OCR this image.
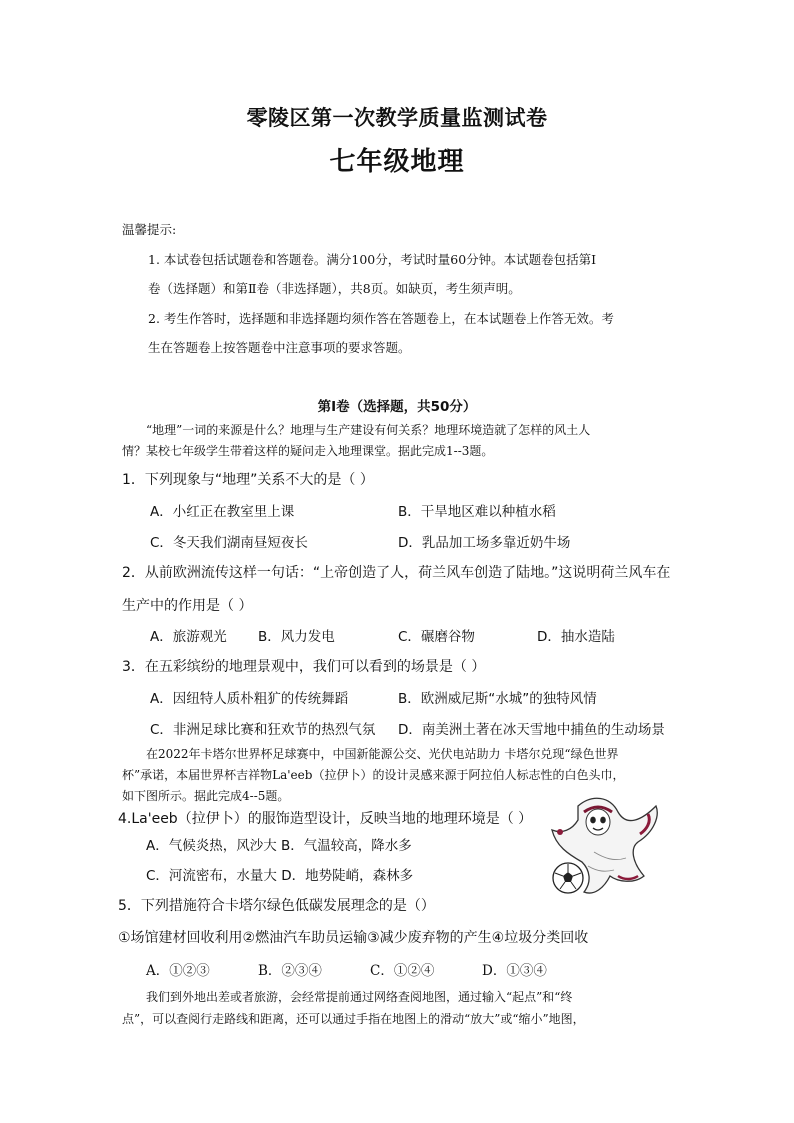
零陵区第一次教学质量监测试卷
七年级地理
温馨提示:
1. 本试卷包括试题卷和答题卷。满分100分，考试时量60分钟。本试题卷包括第Ⅰ
卷（选择题）和第Ⅱ卷（非选择题），共8页。如缺页，考生须声明。
2. 考生作答时，选择题和非选择题均须作答在答题卷上，在本试题卷上作答无效。考
生在答题卷上按答题卷中注意事项的要求答题。
第Ⅰ卷（选择题，共50分）
“地理”一词的来源是什么？地理与生产建设有何关系？地理环境造就了怎样的风土人
情？某校七年级学生带着这样的疑问走入地理课堂。据此完成1--3题。
1．下列现象与“地理”关系不大的是（ ）
A．小红正在教室里上课	B．干旱地区难以种植水稻
C．冬天我们湖南昼短夜长	D．乳品加工场多靠近奶牛场
2．从前欧洲流传这样一句话：“上帝创造了人，荷兰风车创造了陆地。”这说明荷兰风车在
生产中的作用是（ ）
A．旅游观光 B．风力发电	C．碾磨谷物	D．抽水造陆
3．在五彩缤纷的地理景观中，我们可以看到的场景是（ ）
A．因纽特人质朴粗犷的传统舞蹈	B．欧洲威尼斯“水城”的独特风情
C．非洲足球比赛和狂欢节的热烈气氛 D．南美洲土著在冰天雪地中捕鱼的生动场景
在2022年卡塔尔世界杯足球赛中，中国新能源公交、光伏电站助力 卡塔尔兑现“绿色世界
杯”承诺，本届世界杯吉祥物La'eeb（拉伊卜）的设计灵感来源于阿拉伯人标志性的白色头巾，
如下图所示。据此完成4--5题。
4.La'eeb（拉伊卜）的服饰造型设计，反映当地的地理环境是（ ）
A．气候炎热，风沙大 B．气温较高，降水多
C．河流密布，水量大 D．地势陡峭，森林多
5．下列措施符合卡塔尔绿色低碳发展理念的是（）
①场馆建材回收利用②燃油汽车助员运输③减少废弃物的产生④垃圾分类回收
A．①②③	B．②③④	C．①②④	D．①③④
我们到外地出差或者旅游，会经常提前通过网络查阅地图，通过输入“起点”和“终
点”，可以查阅行走路线和距离，还可以通过手指在地图上的滑动“放大”或“缩小”地图，
